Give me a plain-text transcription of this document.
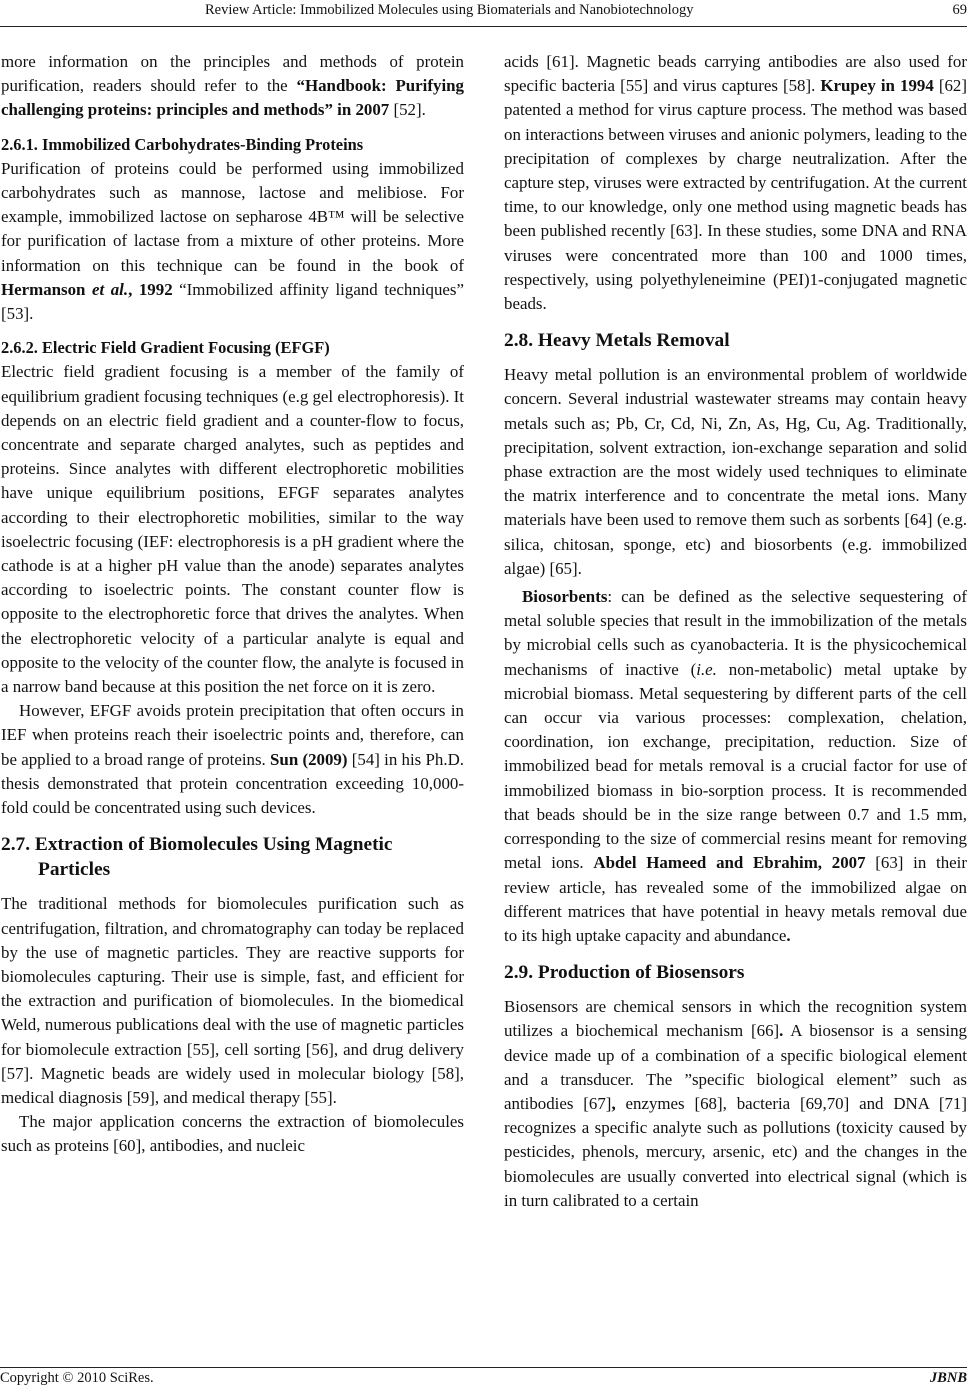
Review Article: Immobilized Molecules using Biomaterials and Nanobiotechnology	69

more information on the principles and methods of protein purification, readers should refer to the “Handbook: Purifying challenging proteins: principles and methods” in 2007 [52].

2.6.1. Immobilized Carbohydrates-Binding Proteins

Purification of proteins could be performed using immobilized carbohydrates such as mannose, lactose and melibiose. For example, immobilized lactose on sepharose 4B™ will be selective for purification of lactase from a mixture of other proteins. More information on this technique can be found in the book of Hermanson et al., 1992 “Immobilized affinity ligand techniques” [53].

2.6.2. Electric Field Gradient Focusing (EFGF)

Electric field gradient focusing is a member of the family of equilibrium gradient focusing techniques (e.g gel electrophoresis). It depends on an electric field gradient and a counter-flow to focus, concentrate and separate charged analytes, such as peptides and proteins. Since analytes with different electrophoretic mobilities have unique equilibrium positions, EFGF separates analytes according to their electrophoretic mobilities, similar to the way isoelectric focusing (IEF: electrophoresis is a pH gradient where the cathode is at a higher pH value than the anode) separates analytes according to isoelectric points. The constant counter flow is opposite to the electrophoretic force that drives the analytes. When the electrophoretic velocity of a particular analyte is equal and opposite to the velocity of the counter flow, the analyte is focused in a narrow band because at this position the net force on it is zero.

However, EFGF avoids protein precipitation that often occurs in IEF when proteins reach their isoelectric points and, therefore, can be applied to a broad range of proteins. Sun (2009) [54] in his Ph.D. thesis demonstrated that protein concentration exceeding 10,000-fold could be concentrated using such devices.

2.7. Extraction of Biomolecules Using Magnetic Particles

The traditional methods for biomolecules purification such as centrifugation, filtration, and chromatography can today be replaced by the use of magnetic particles. They are reactive supports for biomolecules capturing. Their use is simple, fast, and efficient for the extraction and purification of biomolecules. In the biomedical Weld, numerous publications deal with the use of magnetic particles for biomolecule extraction [55], cell sorting [56], and drug delivery [57]. Magnetic beads are widely used in molecular biology [58], medical diagnosis [59], and medical therapy [55].

The major application concerns the extraction of biomolecules such as proteins [60], antibodies, and nucleic

acids [61]. Magnetic beads carrying antibodies are also used for specific bacteria [55] and virus captures [58]. Krupey in 1994 [62] patented a method for virus capture process. The method was based on interactions between viruses and anionic polymers, leading to the precipitation of complexes by charge neutralization. After the capture step, viruses were extracted by centrifugation. At the current time, to our knowledge, only one method using magnetic beads has been published recently [63]. In these studies, some DNA and RNA viruses were concentrated more than 100 and 1000 times, respectively, using polyethyleneimine (PEI)1-conjugated magnetic beads.

2.8. Heavy Metals Removal

Heavy metal pollution is an environmental problem of worldwide concern. Several industrial wastewater streams may contain heavy metals such as; Pb, Cr, Cd, Ni, Zn, As, Hg, Cu, Ag. Traditionally, precipitation, solvent extraction, ion-exchange separation and solid phase extraction are the most widely used techniques to eliminate the matrix interference and to concentrate the metal ions. Many materials have been used to remove them such as sorbents [64] (e.g. silica, chitosan, sponge, etc) and biosorbents (e.g. immobilized algae) [65].

Biosorbents: can be defined as the selective sequestering of metal soluble species that result in the immobilization of the metals by microbial cells such as cyanobacteria. It is the physicochemical mechanisms of inactive (i.e. non-metabolic) metal uptake by microbial biomass. Metal sequestering by different parts of the cell can occur via various processes: complexation, chelation, coordination, ion exchange, precipitation, reduction. Size of immobilized bead for metals removal is a crucial factor for use of immobilized biomass in bio-sorption process. It is recommended that beads should be in the size range between 0.7 and 1.5 mm, corresponding to the size of commercial resins meant for removing metal ions. Abdel Hameed and Ebrahim, 2007 [63] in their review article, has revealed some of the immobilized algae on different matrices that have potential in heavy metals removal due to its high uptake capacity and abundance.

2.9. Production of Biosensors

Biosensors are chemical sensors in which the recognition system utilizes a biochemical mechanism [66]. A biosensor is a sensing device made up of a combination of a specific biological element and a transducer. The ”specific biological element” such as antibodies [67], enzymes [68], bacteria [69,70] and DNA [71] recognizes a specific analyte such as pollutions (toxicity caused by pesticides, phenols, mercury, arsenic, etc) and the changes in the biomolecules are usually converted into electrical signal (which is in turn calibrated to a certain

Copyright © 2010 SciRes.	JBNB
